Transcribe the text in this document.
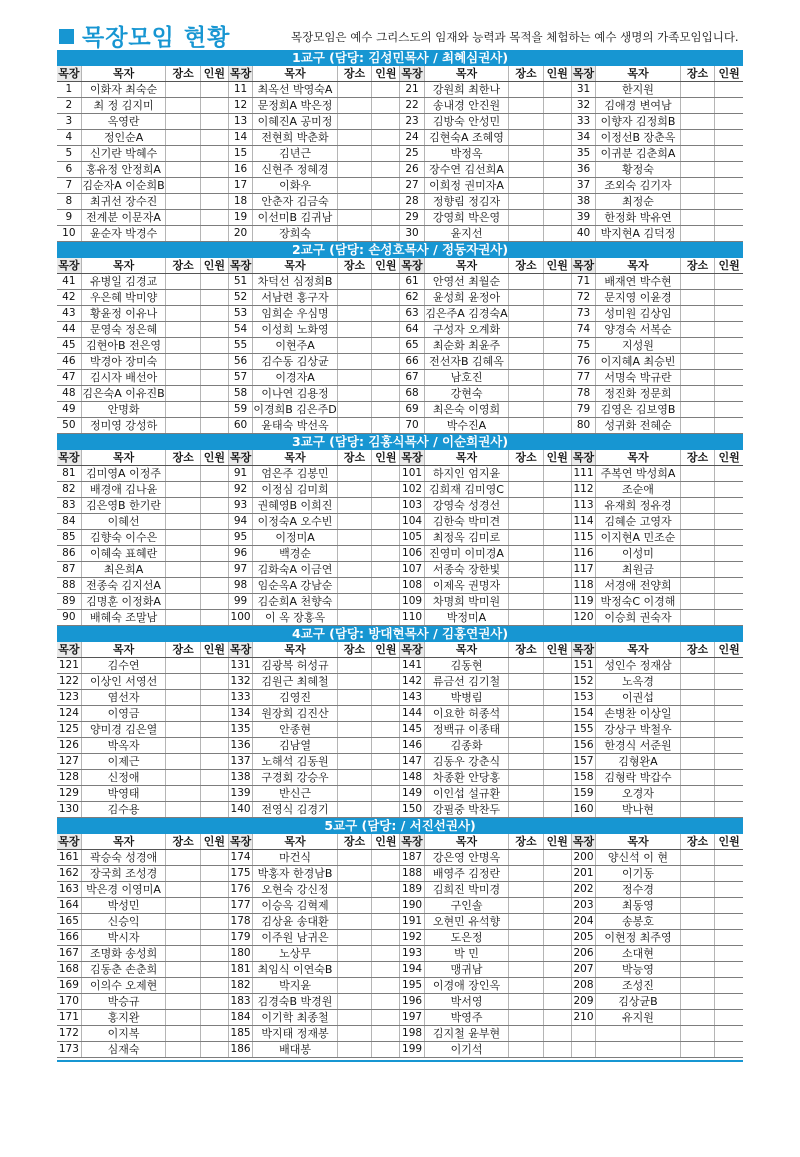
목장모임 현황	목장모임은 예수 그리스도의 임재와 능력과 목적을 체험하는 예수 생명의 가족모임입니다.
1교구 (담당: 김성민목사 / 최혜심권사)															
목장	목자	장소	인원	목장	목자	장소	인원	목장	목자	장소	인원	목장	목자	장소	인원
1	이화자 최숙순			11	최옥선 박영숙A			21	강원희 최한나			31	한지원		
2	최 정 김지미			12	문정희A 박은정			22	송내경 안진원			32	김애경 변여남		
3	옥영란			13	이혜진A 공미정			23	김방숙 안성민			33	이향자 김정희B		
4	정인순A			14	전현희 박춘화			24	김현숙A 조혜영			34	이정선B 장춘옥		
5	신기란 박혜수			15	김년근			25	박정옥			35	이귀분 김춘희A		
6	홍유정 안정희A			16	신현주 정혜경			26	장수연 김선희A			36	황정숙		
7	김순자A 이순희B			17	이화우			27	이희정 권미자A			37	조외숙 김기자		
8	최귀선 장수진			18	안춘자 김금숙			28	정향림 정김자			38	최정순		
9	전계분 이문자A			19	이선미B 김귀남			29	강영희 박은영			39	한정화 박유연		
10	윤순자 박경수			20	장희숙			30	윤지선			40	박지현A 김덕정		
2교구 (담당: 손성호목사 / 정동자권사)															
목장	목자	장소	인원	목장	목자	장소	인원	목장	목자	장소	인원	목장	목자	장소	인원
41	유병일 김경교			51	차덕선 심정희B			61	안영선 최월순			71	배재연 박수현		
42	우은혜 박미양			52	서남련 홍구자			62	윤성희 윤정아			72	문지영 이윤경		
43	황윤정 이유나			53	임희순 우심명			63	김은주A 김경숙A			73	성미원 김상임		
44	문영숙 정은혜			54	이성희 노화영			64	구성자 오계화			74	양경숙 서복순		
45	김현아B 전은영			55	이현주A			65	최순화 최윤주			75	지성원		
46	박경아 장미숙			56	김수동 김상균			66	전선자B 김혜옥			76	이지혜A 최승빈		
47	김시자 배선아			57	이경자A			67	남호진			77	서명숙 박규란		
48	김은숙A 이유진B			58	이나연 김용정			68	강현숙			78	정진화 정문희		
49	안명화			59	이경희B 김은주D			69	최은숙 이영희			79	김영은 김보영B		
50	정미영 강성하			60	윤태숙 박선옥			70	박수진A			80	성귀화 전혜순		
3교구 (담당: 김홍식목사 / 이순희권사)															
목장	목자	장소	인원	목장	목자	장소	인원	목장	목자	장소	인원	목장	목자	장소	인원
81	김미영A 이정주			91	엄은주 김봉민			101	하지인 엄지윤			111	주복연 박성희A		
82	배경애 김나윤			92	이정심 김미희			102	김희재 김미영C			112	조순애		
83	김은영B 한기란			93	권혜영B 이희진			103	강영숙 성경선			113	유재희 정유경		
84	이혜선			94	이정숙A 오수빈			104	김한숙 박미견			114	김혜순 고영자		
85	김향숙 이수은			95	이정미A			105	최정옥 김미로			115	이지현A 민조순		
86	이혜숙 표혜란			96	백경순			106	진영미 이미경A			116	이성미		
87	최은희A			97	김화숙A 이금연			107	서종숙 장한빛			117	최원금		
88	전종숙 김지선A			98	임순옥A 강남순			108	이제옥 권명자			118	서경애 전양희		
89	김명훈 이정화A			99	김순희A 천향숙			109	차명희 박미원			119	박정숙C 이경해		
90	배혜숙 조말남			100	이 옥 장홍옥			110	박정미A			120	이승희 권숙자		
4교구 (담당: 방대현목사 / 김홍연권사)															
목장	목자	장소	인원	목장	목자	장소	인원	목장	목자	장소	인원	목장	목자	장소	인원
121	김수연			131	김광복 허성규			141	김동현			151	성인수 정재삼		
122	이상인 서영선			132	김원근 최혜철			142	류금선 김기철			152	노옥경		
123	염선자			133	김영진			143	박병림			153	이권섭		
124	이영금			134	원장희 김진산			144	이요한 허종석			154	손병찬 이상일		
125	양미경 김은열			135	안종현			145	정백규 이종태			155	강상구 박철우		
126	박옥자			136	김남열			146	김종화			156	한경식 서준원		
127	이제근			137	노해석 김동원			147	김동우 강춘식			157	김형완A		
128	신정애			138	구경회 강승우			148	차종환 안당홍			158	김형락 박갑수		
129	박영태			139	반신근			149	이인섭 설규환			159	오경자		
130	김수용			140	전영식 김경기			150	강필중 박찬두			160	박나현		
5교구 (담당: / 서진선권사)															
목장	목자	장소	인원	목장	목자	장소	인원	목장	목자	장소	인원	목장	목자	장소	인원
161	곽승숙 성경애			174	마건식			187	강은영 안명옥			200	양신석 이 현		
162	장국희 조성경			175	박홍자 한경남B			188	배영주 김정란			201	이기동		
163	박은경 이영미A			176	오현숙 강신정			189	김희진 박미경			202	정수경		
164	박성민			177	이승옥 김혁제			190	구인솔			203	최동영		
165	신승익			178	김상윤 송대환			191	오현민 유석향			204	송봉호		
166	박시자			179	이주원 남귀은			192	도은정			205	이현정 최주영		
167	조명화 송성희			180	노상무			193	박 민			206	소대현		
168	김동춘 손춘희			181	최임식 이연숙B			194	맹귀남			207	박능영		
169	이의수 오제현			182	박지윤			195	이경애 장인옥			208	조성진		
170	박승규			183	김경숙B 박경원			196	박서영			209	김상균B		
171	홍지완			184	이기학 최종철			197	박영주			210	유지원		
172	이지복			185	박지태 정재봉			198	김지철 윤부현						
173	심재숙			186	배대봉			199	이기석						
